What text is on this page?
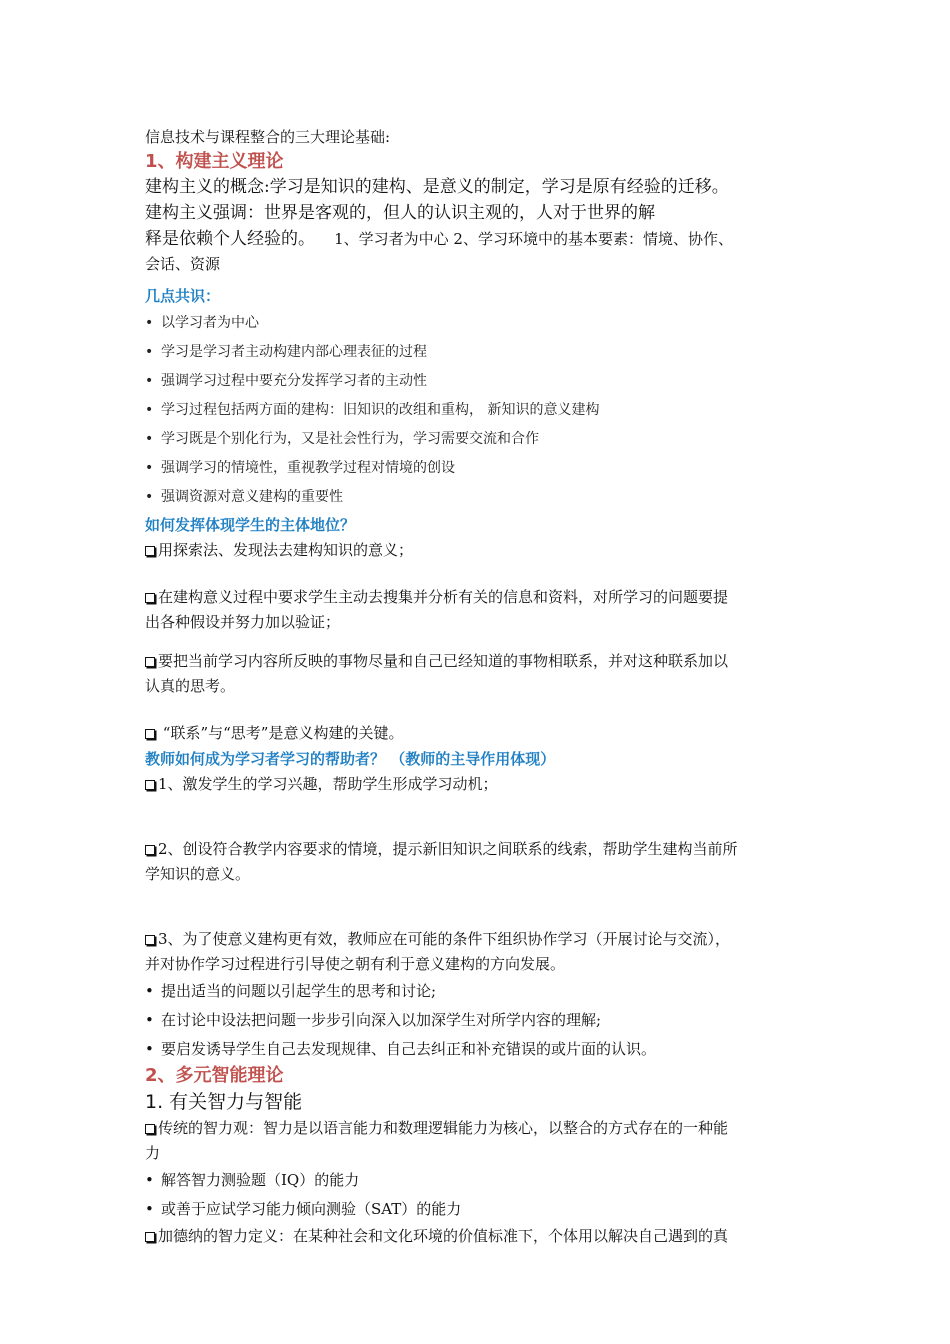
信息技术与课程整合的三大理论基础:

1、构建主义理论

建构主义的概念:学习是知识的建构、是意义的制定，学习是原有经验的迁移。

建构主义强调：世界是客观的，但人的认识主观的，人对于世界的解

释是依赖个人经验的。 1、学习者为中心 2、学习环境中的基本要素：情境、协作、

会话、资源

几点共识：

• 以学习者为中心
• 学习是学习者主动构建内部心理表征的过程
• 强调学习过程中要充分发挥学习者的主动性
• 学习过程包括两方面的建构：旧知识的改组和重构， 新知识的意义建构
• 学习既是个别化行为，又是社会性行为，学习需要交流和合作
• 强调学习的情境性，重视教学过程对情境的创设
• 强调资源对意义建构的重要性

如何发挥体现学生的主体地位？

用探索法、发现法去建构知识的意义；

在建构意义过程中要求学生主动去搜集并分析有关的信息和资料，对所学习的问题要提

出各种假设并努力加以验证；

要把当前学习内容所反映的事物尽量和自己已经知道的事物相联系，并对这种联系加以

认真的思考。

“联系”与“思考”是意义构建的关键。

教师如何成为学习者学习的帮助者？ （教师的主导作用体现）

1、激发学生的学习兴趣，帮助学生形成学习动机；

2、创设符合教学内容要求的情境，提示新旧知识之间联系的线索，帮助学生建构当前所

学知识的意义。

3、为了使意义建构更有效，教师应在可能的条件下组织协作学习（开展讨论与交流），

并对协作学习过程进行引导使之朝有利于意义建构的方向发展。

• 提出适当的问题以引起学生的思考和讨论;
• 在讨论中设法把问题一步步引向深入以加深学生对所学内容的理解;
• 要启发诱导学生自己去发现规律、自己去纠正和补充错误的或片面的认识。

2、多元智能理论

1. 有关智力与智能

传统的智力观：智力是以语言能力和数理逻辑能力为核心，以整合的方式存在的一种能

力

• 解答智力测验题（IQ）的能力
• 或善于应试学习能力倾向测验（SAT）的能力

加德纳的智力定义：在某种社会和文化环境的价值标准下，个体用以解决自己遇到的真
